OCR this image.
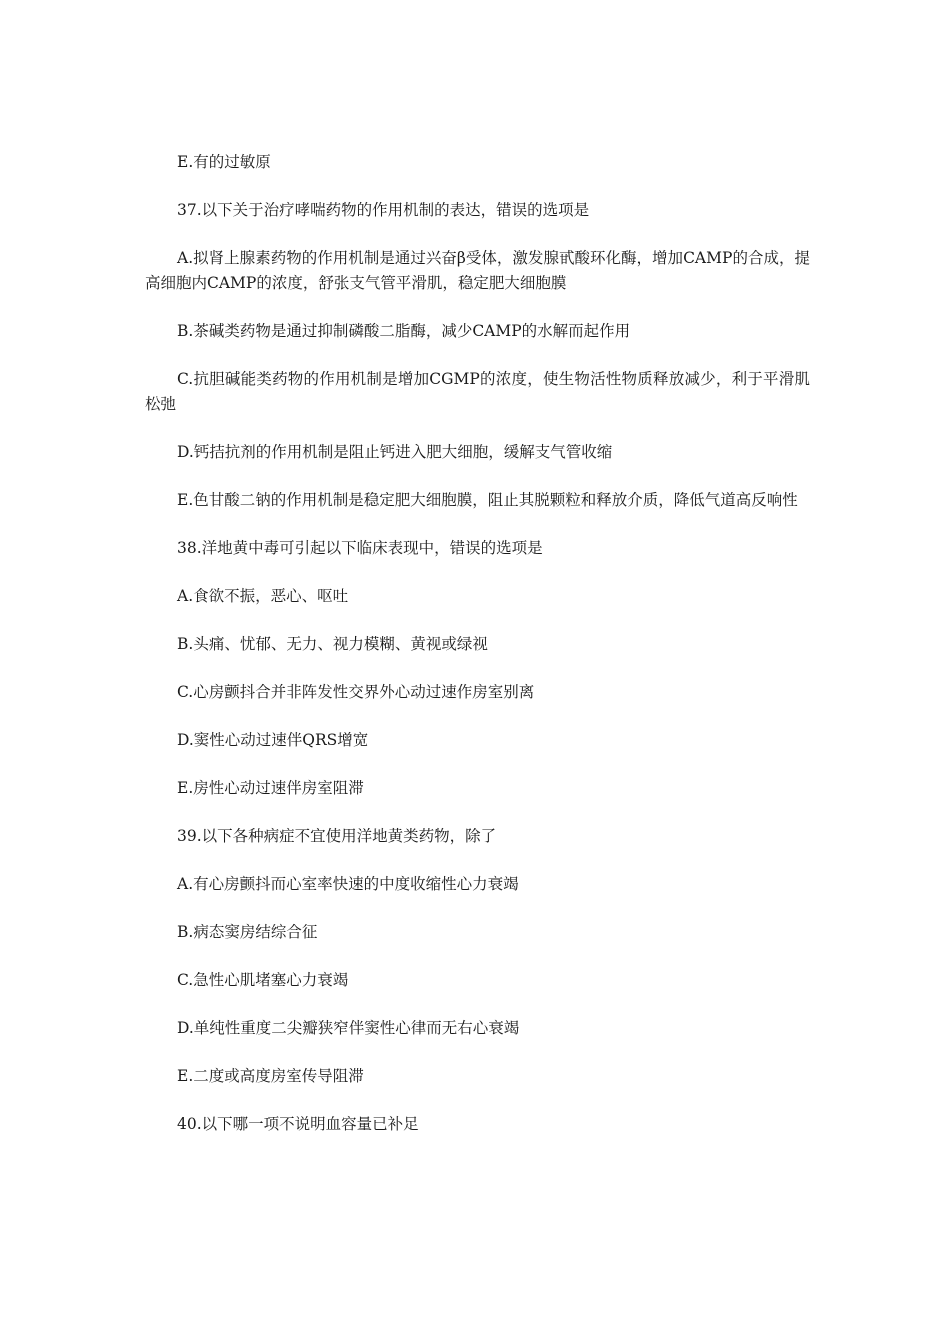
E.有的过敏原

37.以下关于治疗哮喘药物的作用机制的表达，错误的选项是

A.拟肾上腺素药物的作用机制是通过兴奋β受体，激发腺甙酸环化酶，增加CAMP的合成，提高细胞内CAMP的浓度，舒张支气管平滑肌，稳定肥大细胞膜

B.茶碱类药物是通过抑制磷酸二脂酶，减少CAMP的水解而起作用

C.抗胆碱能类药物的作用机制是增加CGMP的浓度，使生物活性物质释放减少，利于平滑肌松弛

D.钙拮抗剂的作用机制是阻止钙进入肥大细胞，缓解支气管收缩

E.色甘酸二钠的作用机制是稳定肥大细胞膜，阻止其脱颗粒和释放介质，降低气道高反响性

38.洋地黄中毒可引起以下临床表现中，错误的选项是

A.食欲不振，恶心、呕吐

B.头痛、忧郁、无力、视力模糊、黄视或绿视

C.心房颤抖合并非阵发性交界外心动过速作房室别离

D.窦性心动过速伴QRS增宽

E.房性心动过速伴房室阻滞

39.以下各种病症不宜使用洋地黄类药物，除了

A.有心房颤抖而心室率快速的中度收缩性心力衰竭

B.病态窦房结综合征

C.急性心肌堵塞心力衰竭

D.单纯性重度二尖瓣狭窄伴窦性心律而无右心衰竭

E.二度或高度房室传导阻滞

40.以下哪一项不说明血容量已补足
